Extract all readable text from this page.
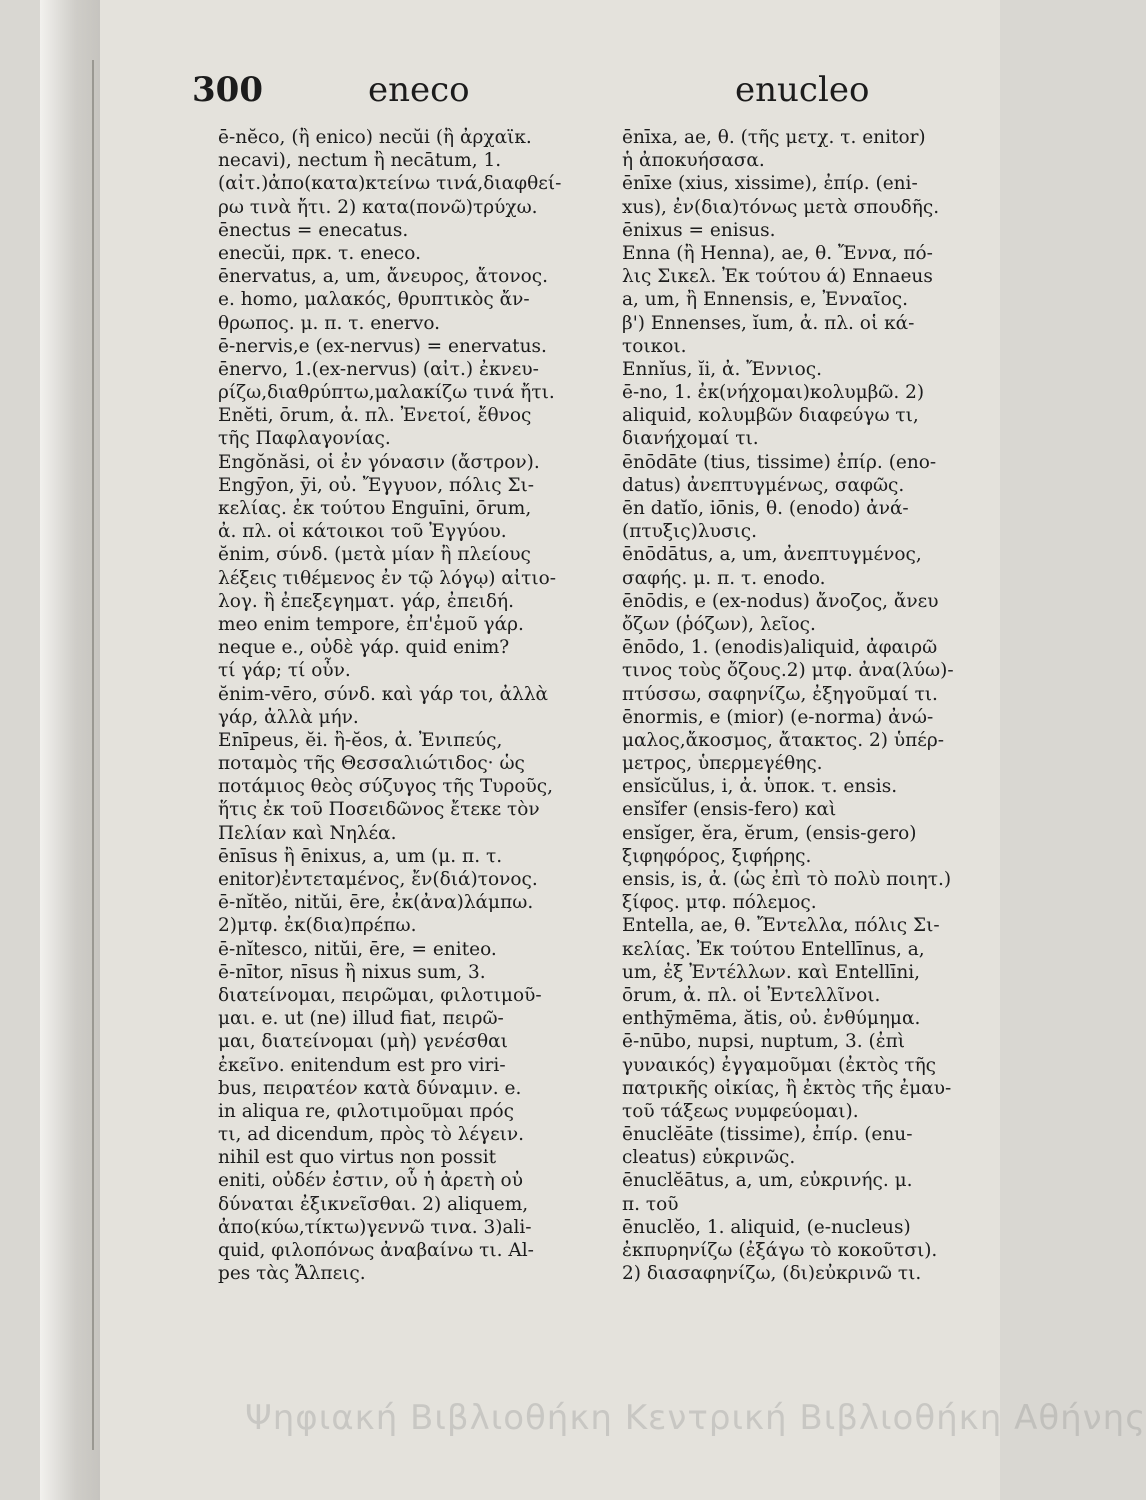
300	eneco	enucleo
ē-nĕco, (ἢ enico) necŭi (ἢ ἀρχαϊκ.
necavi), nectum ἢ necātum, 1.
(αἰτ.)ἀπο(κατα)κτείνω τινά,διαφθεί-
ρω τινὰ ἤτι. 2) κατα(πονῶ)τρύχω.
ēnectus = enecatus.
enecŭi, πρκ. τ. eneco.
ēnervatus, a, um, ἄνευρος, ἄτονος.
e. homo, μαλακός, θρυπτικὸς ἄν-
θρωπος. μ. π. τ. enervo.
ē-nervis,e (ex-nervus) = enervatus.
ēnervo, 1.(ex-nervus) (αἰτ.) ἐκνευ-
ρίζω,διαθρύπτω,μαλακίζω τινά ἤτι.
Enĕti, ōrum, ἀ. πλ. Ἐνετοί, ἔθνος
τῆς Παφλαγονίας.
Engŏnăsi, οἱ ἐν γόνασιν (ἄστρον).
Engȳon, ȳi, οὐ. Ἔγγυον, πόλις Σι-
κελίας. ἐκ τούτου Enguīni, ōrum,
ἀ. πλ. οἱ κάτοικοι τοῦ Ἐγγύου.
ĕnim, σύνδ. (μετὰ μίαν ἢ πλείους
λέξεις τιθέμενος ἐν τῷ λόγῳ) αἰτιο-
λογ. ἢ ἐπεξεγηματ. γάρ, ἐπειδή.
meo enim tempore, ἐπ'ἐμοῦ γάρ.
neque e., οὐδὲ γάρ. quid enim?
τί γάρ; τί οὖν.
ĕnim-vēro, σύνδ. καὶ γάρ τοι, ἀλλὰ
γάρ, ἀλλὰ μήν.
Enīpeus, ĕi. ἢ-ĕos, ἀ. Ἐνιπεύς,
ποταμὸς τῆς Θεσσαλιώτιδος· ὡς
ποτάμιος θεὸς σύζυγος τῆς Τυροῦς,
ἥτις ἐκ τοῦ Ποσειδῶνος ἔτεκε τὸν
Πελίαν καὶ Νηλέα.
ēnīsus ἢ ēnixus, a, um (μ. π. τ.
enitor)ἐντεταμένος, ἔν(διά)τονος.
ē-nĭtĕo, nitŭi, ēre, ἐκ(ἀνα)λάμπω.
2)μτφ. ἐκ(δια)πρέπω.
ē-nĭtesco, nitŭi, ēre, = eniteo.
ē-nītor, nīsus ἢ nixus sum, 3.
διατείνομαι, πειρῶμαι, φιλοτιμοῦ-
μαι. e. ut (ne) illud fiat, πειρῶ-
μαι, διατείνομαι (μὴ) γενέσθαι
ἐκεῖνο. enitendum est pro viri-
bus, πειρατέον κατὰ δύναμιν. e.
in aliqua re, φιλοτιμοῦμαι πρός
τι, ad dicendum, πρὸς τὸ λέγειν.
nihil est quo virtus non possit
eniti, οὐδέν ἐστιν, οὗ ἡ ἀρετὴ οὐ
δύναται ἐξικνεῖσθαι. 2) aliquem,
ἀπο(κύω,τίκτω)γεννῶ τινα. 3)ali-
quid, φιλοπόνως ἀναβαίνω τι. Al-
pes τὰς Ἄλπεις.
ēnīxa, ae, θ. (τῆς μετχ. τ. enitor)
ἡ ἀποκυήσασα.
ēnīxe (xius, xissime), ἐπίρ. (eni-
xus), ἐν(δια)τόνως μετὰ σπουδῆς.
ēnixus = enisus.
Enna (ἢ Henna), ae, θ. Ἔννα, πό-
λις Σικελ. Ἐκ τούτου ά) Ennaeus
a, um, ἢ Ennensis, e, Ἐνναῖος.
β') Ennenses, ĭum, ἀ. πλ. οἱ κά-
τοικοι.
Ennĭus, ĭi, ἀ. Ἔννιος.
ē-no, 1. ἐκ(νήχομαι)κολυμβῶ. 2)
aliquid, κολυμβῶν διαφεύγω τι,
διανήχομαί τι.
ēnōdāte (tius, tissime) ἐπίρ. (eno-
datus) ἀνεπτυγμένως, σαφῶς.
ēn datĭo, iōnis, θ. (enodo) ἀνά-
(πτυξις)λυσις.
ēnōdātus, a, um, ἀνεπτυγμένος,
σαφής. μ. π. τ. enodo.
ēnōdis, e (ex-nodus) ἄνοζος, ἄνευ
ὄζων (ῥόζων), λεῖος.
ēnōdo, 1. (enodis)aliquid, ἀφαιρῶ
τινος τοὺς ὄζους.2) μτφ. ἀνα(λύω)-
πτύσσω, σαφηνίζω, ἐξηγοῦμαί τι.
ēnormis, e (mior) (e-norma) ἀνώ-
μαλος,ἄκοσμος, ἄτακτος. 2) ὑπέρ-
μετρος, ὑπερμεγέθης.
ensĭcŭlus, i, ἀ. ὑποκ. τ. ensis.
ensĭfer (ensis-fero) καὶ
ensĭger, ĕra, ĕrum, (ensis-gero)
ξιφηφόρος, ξιφήρης.
ensis, is, ἀ. (ὡς ἐπὶ τὸ πολὺ ποιητ.)
ξίφος. μτφ. πόλεμος.
Entella, ae, θ. Ἔντελλα, πόλις Σι-
κελίας. Ἐκ τούτου Entellīnus, a,
um, ἐξ Ἐντέλλων. καὶ Entellīni,
ōrum, ἀ. πλ. οἱ Ἐντελλῖνοι.
enthȳmēma, ătis, οὐ. ἐνθύμημα.
ē-nūbo, nupsi, nuptum, 3. (ἐπὶ
γυναικός) ἐγγαμοῦμαι (ἐκτὸς τῆς
πατρικῆς οἰκίας, ἢ ἐκτὸς τῆς ἐμαυ-
τοῦ τάξεως νυμφεύομαι).
ēnuclĕāte (tissime), ἐπίρ. (enu-
cleatus) εὐκρινῶς.
ēnuclĕātus, a, um, εὐκρινής. μ.
π. τοῦ
ēnuclĕo, 1. aliquid, (e-nucleus)
ἐκπυρηνίζω (ἐξάγω τὸ κοκοῦτσι).
2) διασαφηνίζω, (δι)εὐκρινῶ τι.
Ψηφιακή Βιβλιοθήκη Κεντρική Βιβλιοθήκη Αθήνης
